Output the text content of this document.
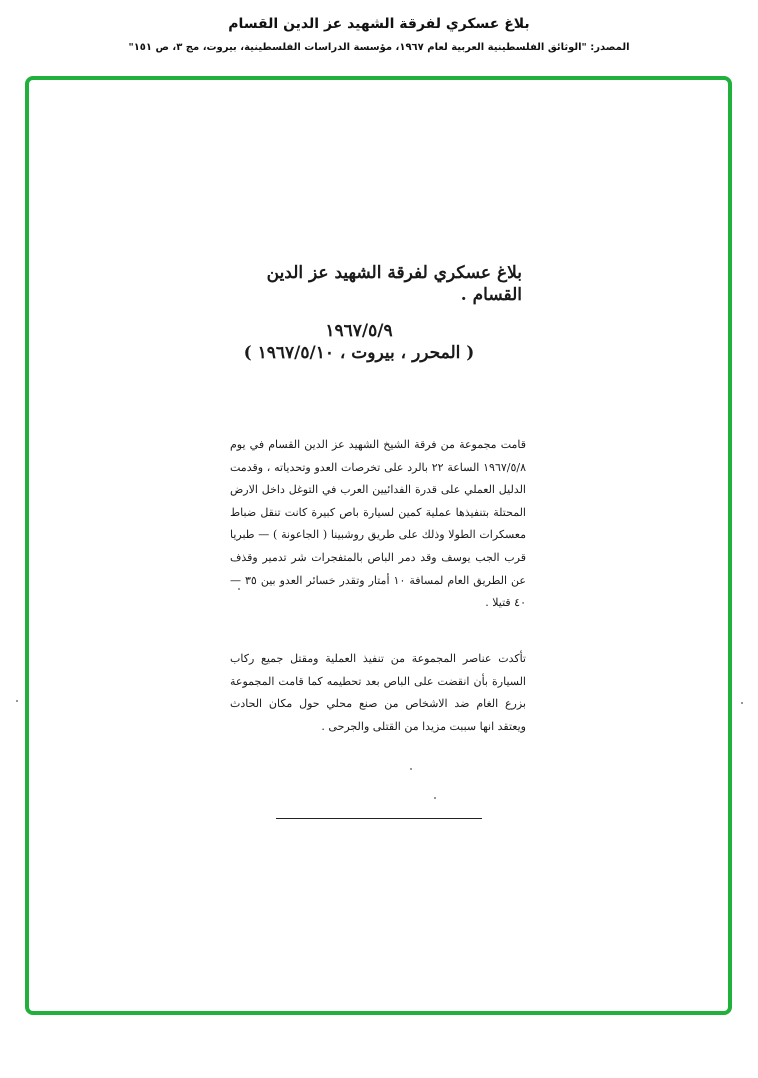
بلاغ عسكري لفرقة الشهيد عز الدين القسام
المصدر: "الوثائق الفلسطينية العربية لعام ١٩٦٧، مؤسسة الدراسات الفلسطينية، بيروت، مج ٣، ص ١٥١"
بلاغ عسكري لفرقة الشهيد عز الدين القسام .
١٩٦٧/٥/٩
( المحرر ، بيروت ، ١٩٦٧/٥/١٠ )
قامت مجموعة من فرقة الشيخ الشهيد عز الدين القسام في يوم ١٩٦٧/٥/٨ الساعة ٢٢ بالرد على تخرصات العدو وتحدياته ، وقدمت الدليل العملي على قدرة الفدائيين العرب في التوغل داخل الارض المحتلة بتنفيذها عملية كمين لسيارة باص كبيرة كانت تنقل ضباط معسكرات الطولا وذلك على طريق روشبينا ( الجاعونة ) — طبريا قرب الجب يوسف وقد دمر الباص بالمتفجرات شر تدمير وقذف عن الطريق العام لمسافة ١٠ أمتار وتقدر خسائر العدو بين ٣٥ — ٤٠ قتيلا .
تأكدت عناصر المجموعة من تنفيذ العملية ومقتل جميع ركاب السيارة بأن انقضت على الباص بعد تحطيمه كما قامت المجموعة بزرع الغام ضد الاشخاص من صنع محلي حول مكان الحادث ويعتقد انها سببت مزيدا من القتلى والجرحى .
